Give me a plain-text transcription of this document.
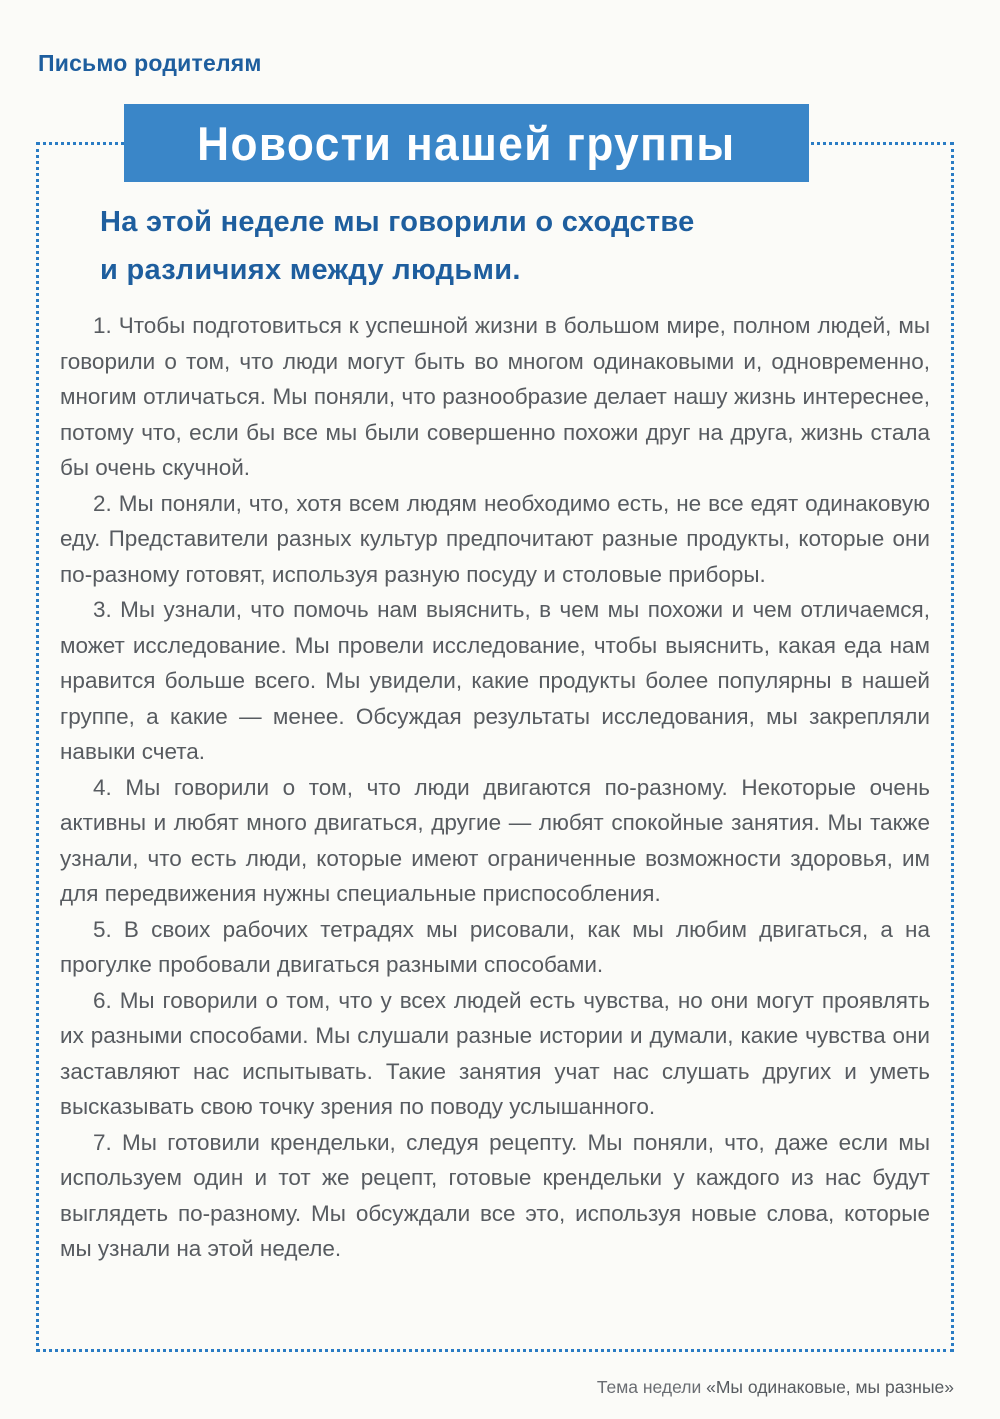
Письмо родителям
Новости нашей группы
На этой неделе мы говорили о сходстве
и различиях между людьми.

1. Чтобы подготовиться к успешной жизни в большом мире, полном людей, мы говорили о том, что люди могут быть во многом одинаковыми и, одновременно, многим отличаться. Мы поняли, что разнообразие делает нашу жизнь интереснее, потому что, если бы все мы были совершенно похожи друг на друга, жизнь стала бы очень скучной.

2. Мы поняли, что, хотя всем людям необходимо есть, не все едят одинаковую еду. Представители разных культур предпочитают разные продукты, которые они по-разному готовят, используя разную посуду и столовые приборы.

3. Мы узнали, что помочь нам выяснить, в чем мы похожи и чем отличаемся, может исследование. Мы провели исследование, чтобы выяснить, какая еда нам нравится больше всего. Мы увидели, какие продукты более популярны в нашей группе, а какие — менее. Обсуждая результаты исследования, мы закрепляли навыки счета.

4. Мы говорили о том, что люди двигаются по-разному. Некоторые очень активны и любят много двигаться, другие — любят спокойные занятия. Мы также узнали, что есть люди, которые имеют ограниченные возможности здоровья, им для передвижения нужны специальные приспособления.

5. В своих рабочих тетрадях мы рисовали, как мы любим двигаться, а на прогулке пробовали двигаться разными способами.

6. Мы говорили о том, что у всех людей есть чувства, но они могут проявлять их разными способами. Мы слушали разные истории и думали, какие чувства они заставляют нас испытывать. Такие занятия учат нас слушать других и уметь высказывать свою точку зрения по поводу услышанного.

7. Мы готовили крендельки, следуя рецепту. Мы поняли, что, даже если мы используем один и тот же рецепт, готовые крендельки у каждого из нас будут выглядеть по-разному. Мы обсуждали все это, используя новые слова, которые мы узнали на этой неделе.

Тема недели «Мы одинаковые, мы разные»
